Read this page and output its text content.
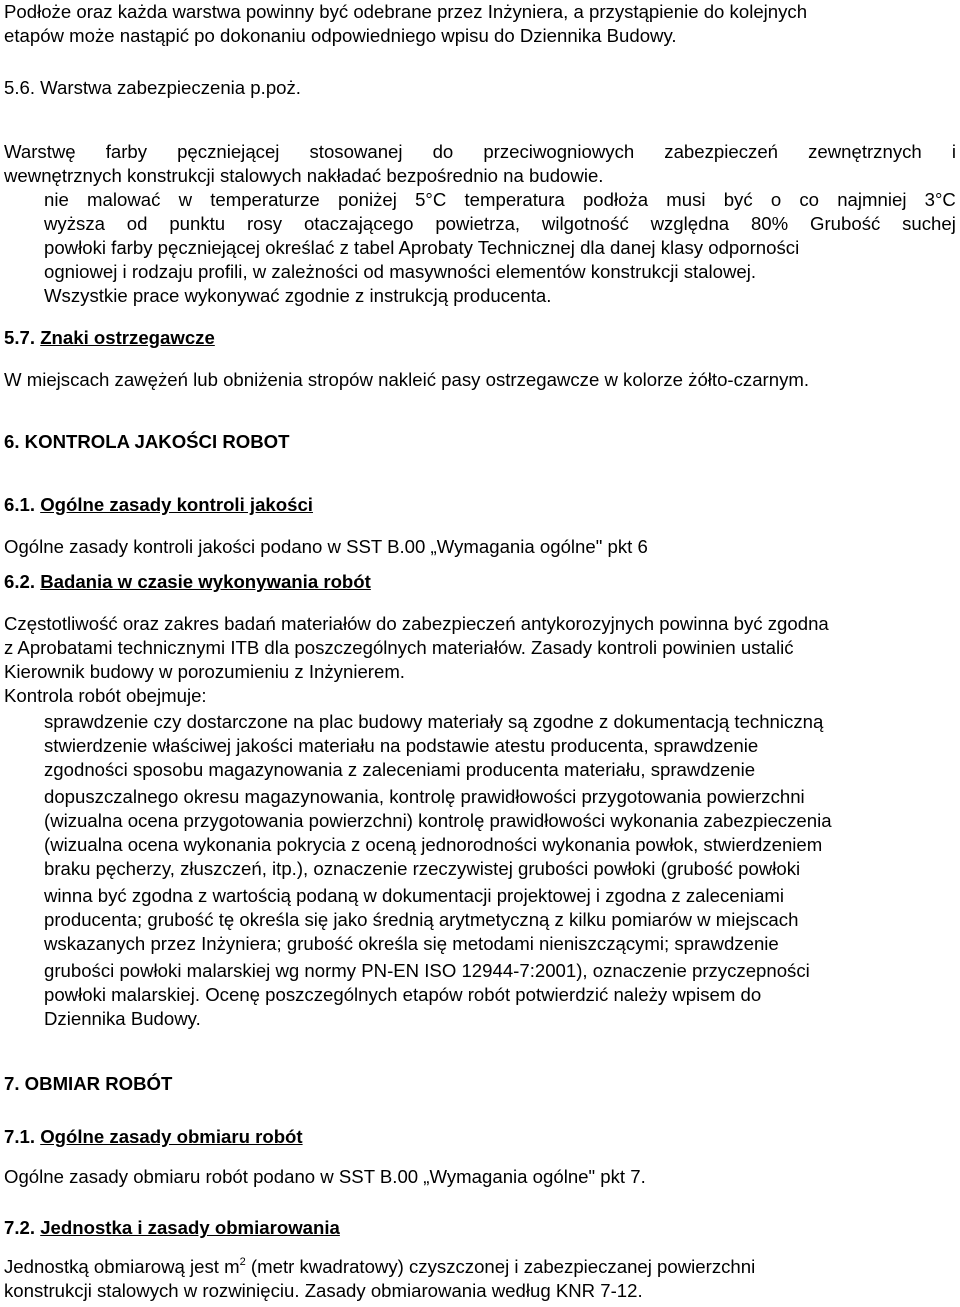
Podłoże oraz każda warstwa powinny być odebrane przez Inżyniera, a przystąpienie do kolejnych
etapów może nastąpić po dokonaniu odpowiedniego wpisu do Dziennika Budowy.
5.6. Warstwa zabezpieczenia p.poż.
Warstwę farby pęczniejącej stosowanej do przeciwogniowych zabezpieczeń zewnętrznych i
wewnętrznych konstrukcji stalowych nakładać bezpośrednio na budowie.
nie malować w temperaturze poniżej 5°C temperatura podłoża musi być o co najmniej 3°C
wyższa od punktu rosy otaczającego powietrza, wilgotność względna 80% Grubość suchej
powłoki farby pęczniejącej określać z tabel Aprobaty Technicznej dla danej klasy odporności
ogniowej i rodzaju profili, w zależności od masywności elementów konstrukcji stalowej.
Wszystkie prace wykonywać zgodnie z instrukcją producenta.
5.7. Znaki ostrzegawcze
W miejscach zawężeń lub obniżenia stropów nakleić pasy ostrzegawcze w kolorze żółto-czarnym.
6. KONTROLA JAKOŚCI ROBOT
6.1. Ogólne zasady kontroli jakości
Ogólne zasady kontroli jakości podano w SST B.00 „Wymagania ogólne" pkt 6
6.2. Badania w czasie wykonywania robót
Częstotliwość oraz zakres badań materiałów do zabezpieczeń antykorozyjnych powinna być zgodna
z Aprobatami technicznymi ITB dla poszczególnych materiałów. Zasady kontroli powinien ustalić
Kierownik budowy w porozumieniu z Inżynierem.
Kontrola robót obejmuje:
sprawdzenie czy dostarczone na plac budowy materiały są zgodne z dokumentacją techniczną
stwierdzenie właściwej jakości materiału na podstawie atestu producenta, sprawdzenie
zgodności sposobu magazynowania z zaleceniami producenta materiału, sprawdzenie
dopuszczalnego okresu magazynowania, kontrolę prawidłowości przygotowania powierzchni
(wizualna ocena przygotowania powierzchni) kontrolę prawidłowości wykonania zabezpieczenia
(wizualna ocena wykonania pokrycia z oceną jednorodności wykonania powłok, stwierdzeniem
braku pęcherzy, złuszczeń, itp.), oznaczenie rzeczywistej grubości powłoki (grubość powłoki
winna być zgodna z wartością podaną w dokumentacji projektowej i zgodna z zaleceniami
producenta; grubość tę określa się jako średnią arytmetyczną z kilku pomiarów w miejscach
wskazanych przez Inżyniera; grubość określa się metodami nieniszczącymi; sprawdzenie
grubości powłoki malarskiej wg normy PN-EN ISO 12944-7:2001), oznaczenie przyczepności
powłoki malarskiej. Ocenę poszczególnych etapów robót potwierdzić należy wpisem do
Dziennika Budowy.
7. OBMIAR ROBÓT
7.1. Ogólne zasady obmiaru robót
Ogólne zasady obmiaru robót podano w SST B.00 „Wymagania ogólne" pkt 7.
7.2. Jednostka i zasady obmiarowania
Jednostką obmiarową jest $m^2$ (metr kwadratowy) czyszczonej i zabezpieczanej powierzchni
konstrukcji stalowych w rozwinięciu. Zasady obmiarowania według KNR 7-12.
